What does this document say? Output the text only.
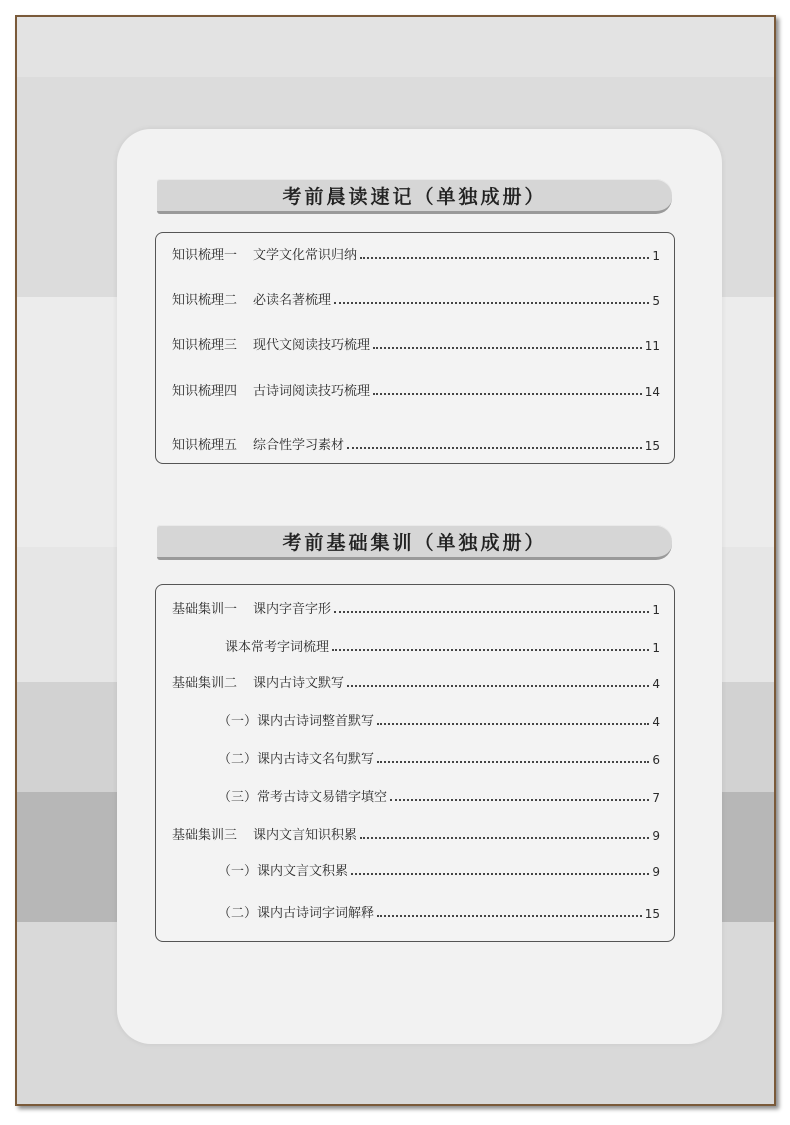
考前晨读速记（单独成册）
知识梳理一 文学文化常识归纳	1
知识梳理二 必读名著梳理	5
知识梳理三 现代文阅读技巧梳理	11
知识梳理四 古诗词阅读技巧梳理	14
知识梳理五 综合性学习素材	15
考前基础集训（单独成册）
基础集训一 课内字音字形	1
课本常考字词梳理	1
基础集训二 课内古诗文默写	4
（一）课内古诗词整首默写	4
（二）课内古诗文名句默写	6
（三）常考古诗文易错字填空	7
基础集训三 课内文言知识积累	9
（一）课内文言文积累	9
（二）课内古诗词字词解释	15
